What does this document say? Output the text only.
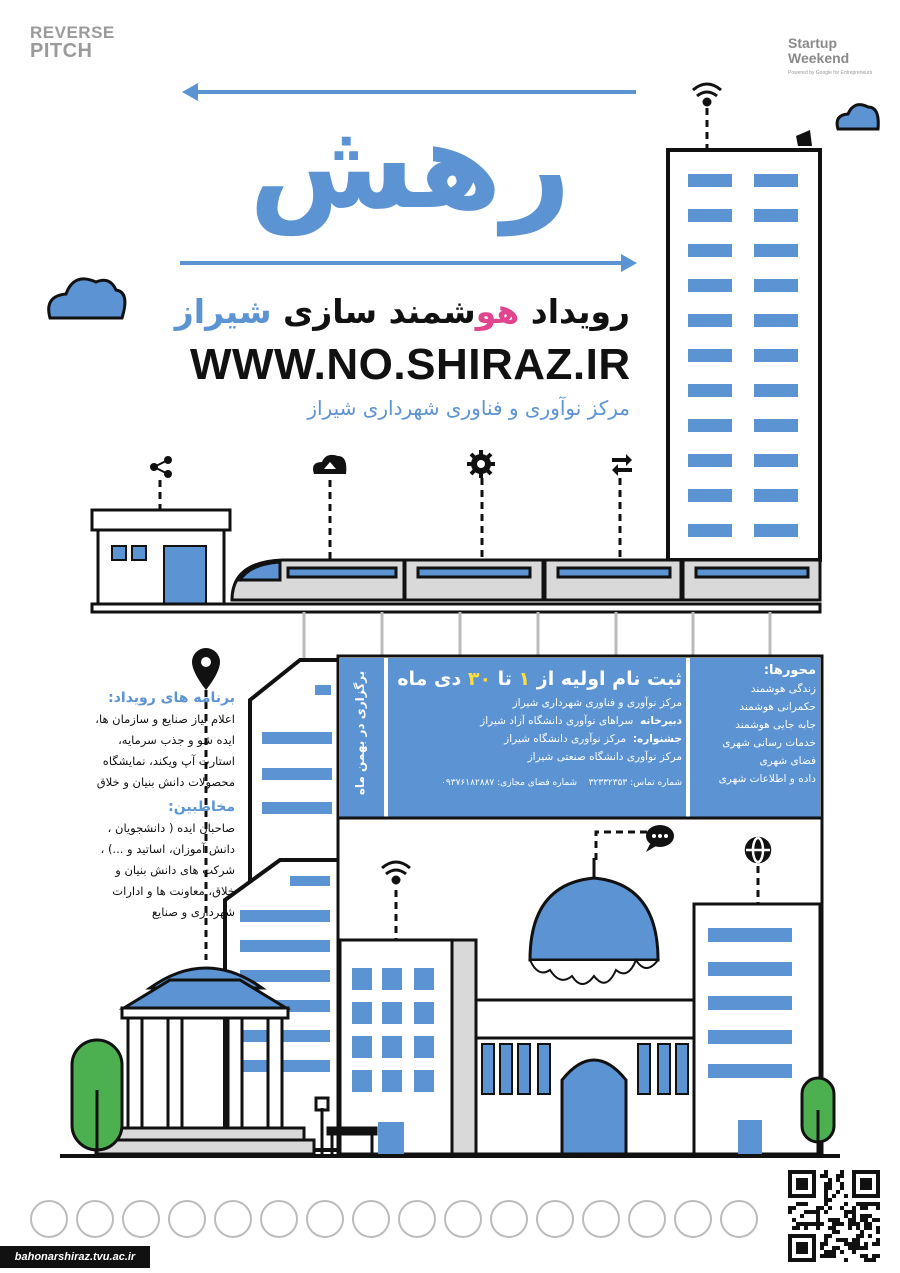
REVERSE
PITCH	Startup
Weekend
Powered by Google for Entrepreneurs
رهش
رویداد هوشمند سازی شیراز
WWW.NO.SHIRAZ.IR
مرکز نوآوری و فناوری شهرداری شیراز
برنامه های رویداد:
اعلام نیاز صنایع و سازمان ها،
ایده شو و جذب سرمایه،
استارت آپ ویکند، نمایشگاه
محصولات دانش بنیان و خلاق
مخاطبین:
صاحبان ایده ( دانشجویان ،
دانش آموزان، اساتید و ...) ،
شرکت های دانش بنیان و
خلاق، معاونت ها و ادارات
شهرداری و صنایع
محورها:
زندگی هوشمند
حکمرانی هوشمند
جابه جایی هوشمند
خدمات رسانی شهری
فضای شهری
داده و اطلاعات شهری
ثبت نام اولیه از ۱ تا ۳۰ دی ماه
مرکز نوآوری و فناوری شهرداری شیراز
دبیرخانه  سراهای نوآوری دانشگاه آزاد شیراز
جشنواره:  مرکز نوآوری دانشگاه شیراز
مرکز نوآوری دانشگاه صنعتی شیراز
شماره تماس: ۳۲۳۳۲۳۵۳    شماره فضای مجازی: ۰۹۳۷۶۱۸۲۸۸۷
برگزاری در بهمن ماه
bahonarshiraz.tvu.ac.ir
